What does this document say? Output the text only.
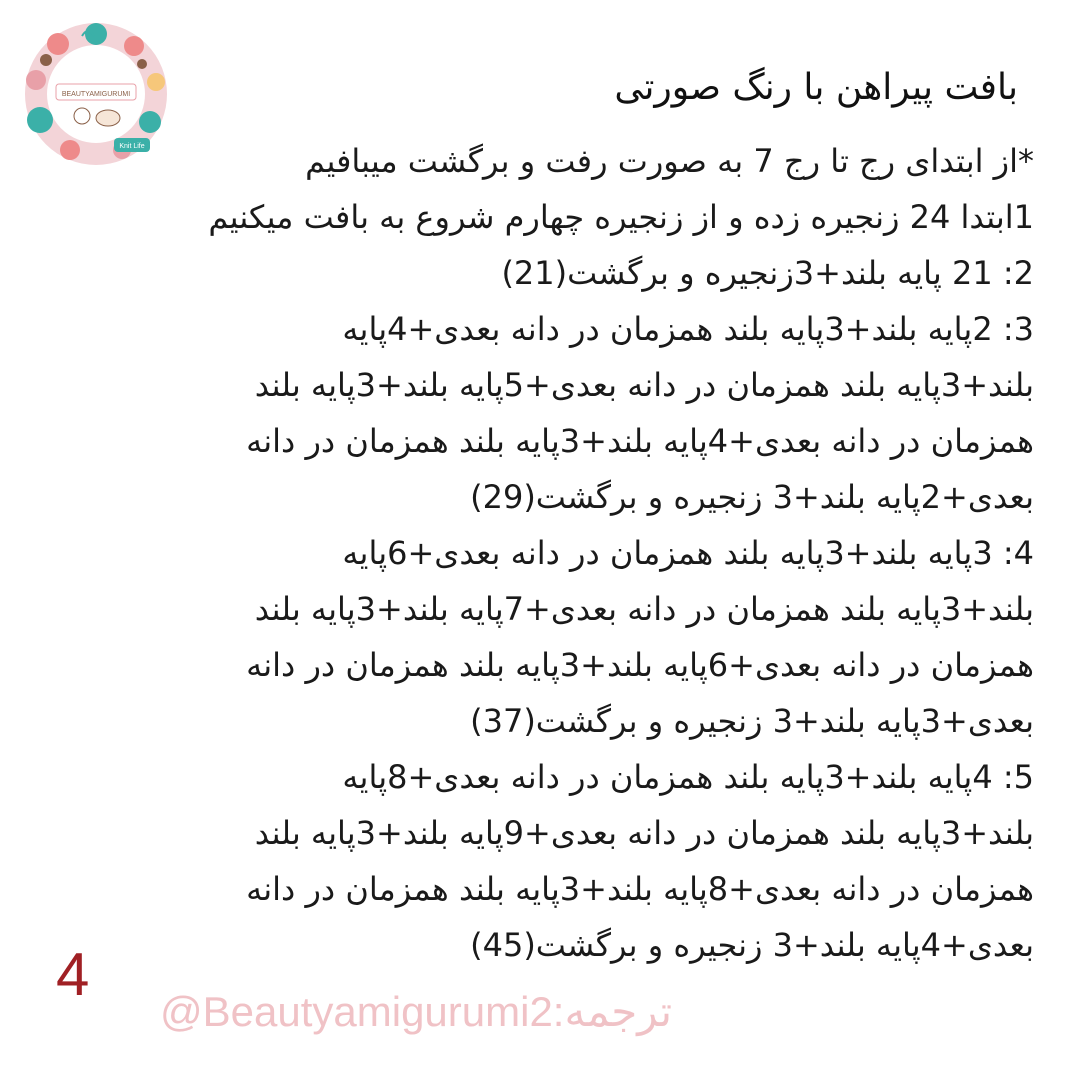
BEAUTYAMIGURUMI
Knit Life
بافت پیراهن با رنگ صورتی
*از ابتدای رج تا رج 7 به صورت رفت و برگشت میبافیم
1ابتدا 24 زنجیره زده و از زنجیره چهارم شروع به بافت میکنیم
2: 21 پایه بلند+3زنجیره و برگشت(21)
3: 2پایه بلند+3پایه بلند همزمان در دانه بعدی+4پایه
بلند+3پایه بلند همزمان در دانه بعدی+5پایه بلند+3پایه بلند
همزمان در دانه بعدی+4پایه بلند+3پایه بلند همزمان در دانه
بعدی+2پایه بلند+3 زنجیره و برگشت(29)
4: 3پایه بلند+3پایه بلند همزمان در دانه بعدی+6پایه
بلند+3پایه بلند همزمان در دانه بعدی+7پایه بلند+3پایه بلند
همزمان در دانه بعدی+6پایه بلند+3پایه بلند همزمان در دانه
بعدی+3پایه بلند+3 زنجیره و برگشت(37)
5: 4پایه بلند+3پایه بلند همزمان در دانه بعدی+8پایه
بلند+3پایه بلند همزمان در دانه بعدی+9پایه بلند+3پایه بلند
همزمان در دانه بعدی+8پایه بلند+3پایه بلند همزمان در دانه
بعدی+4پایه بلند+3 زنجیره و برگشت(45)
4
@Beautyamigurumi2:ترجمه
